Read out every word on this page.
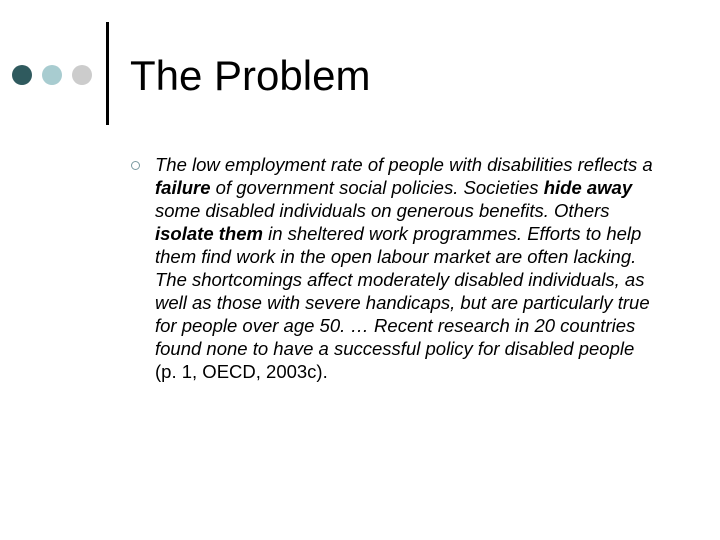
The Problem
The low employment rate of people with disabilities reflects a failure of government social policies. Societies hide away some disabled individuals on generous benefits. Others isolate them in sheltered work programmes. Efforts to help them find work in the open labour market are often lacking. The shortcomings affect moderately disabled individuals, as well as those with severe handicaps, but are particularly true for people over age 50. … Recent research in 20 countries found none to have a successful policy for disabled people (p. 1, OECD, 2003c).
